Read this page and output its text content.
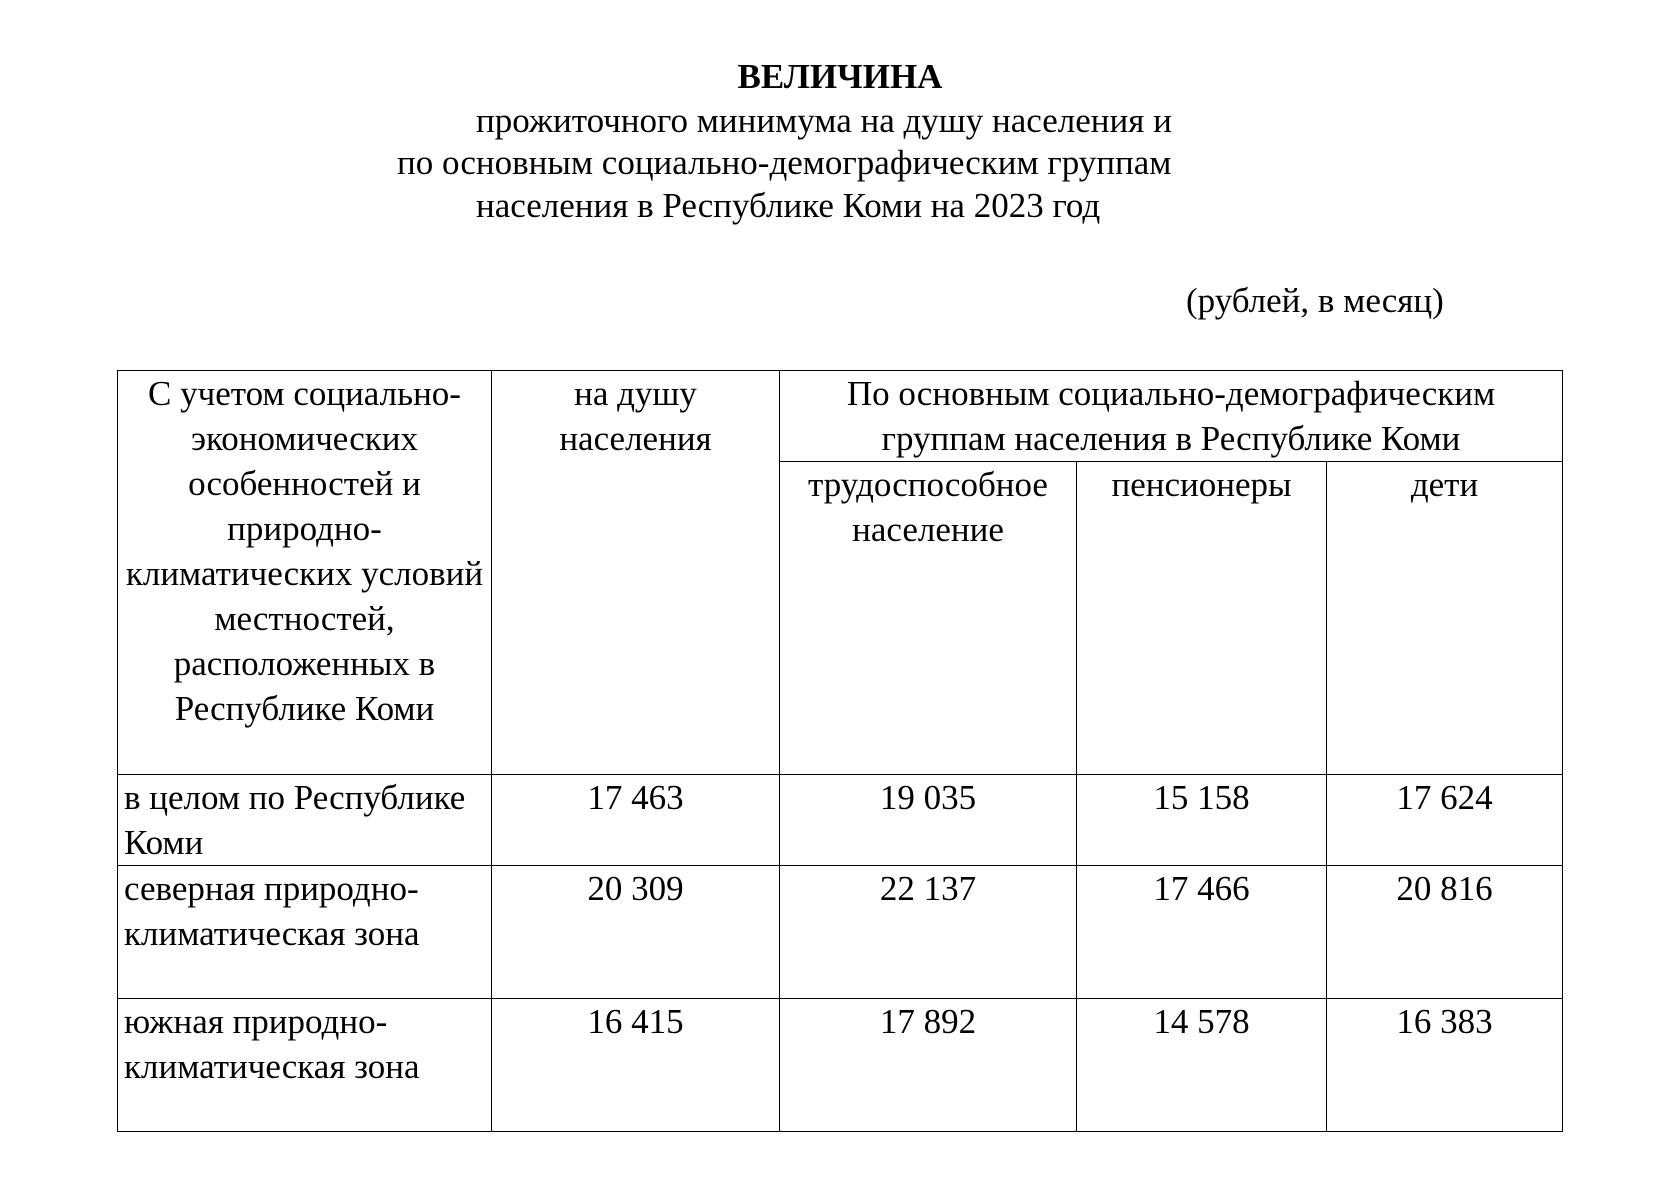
ВЕЛИЧИНА
прожиточного минимума на душу населения и
по основным социально-демографическим группам
населения в Республике Коми на 2023 год
(рублей, в месяц)
С учетом социально-экономических особенностей и природно-климатических условий местностей, расположенных в Республике Коми	на душу населения	По основным социально-демографическим группам населения в Республике Коми		
		трудоспособное население	пенсионеры	дети
в целом по Республике Коми	17 463	19 035	15 158	17 624
северная природно-климатическая зона	20 309	22 137	17 466	20 816
южная природно-климатическая зона	16 415	17 892	14 578	16 383
